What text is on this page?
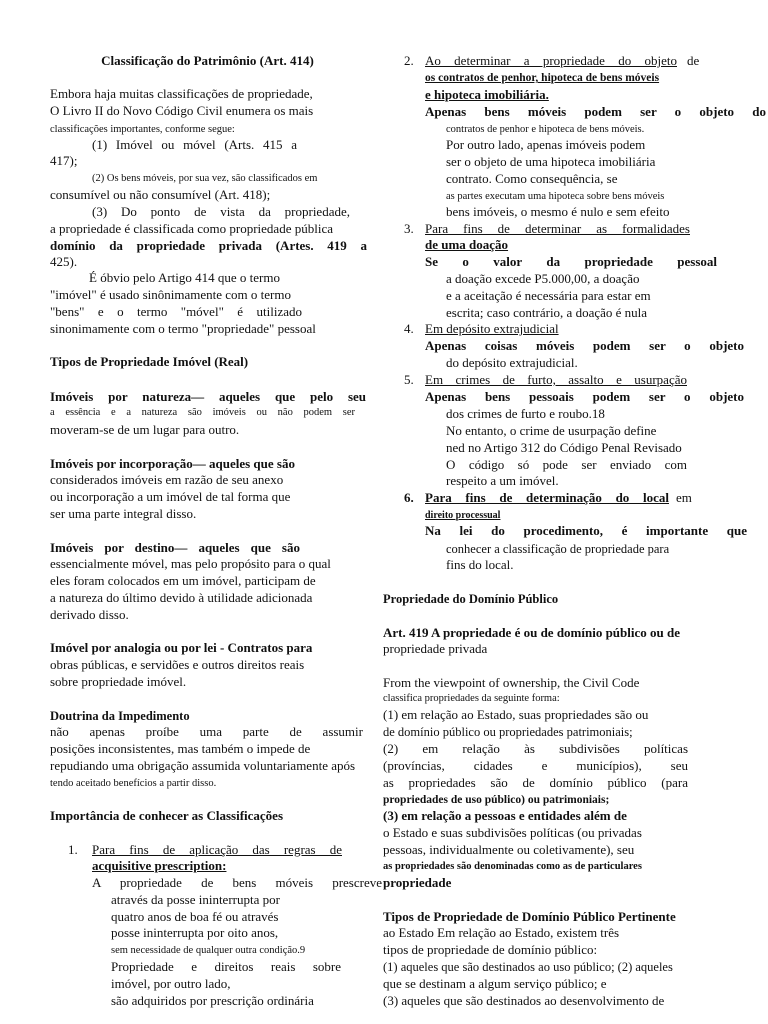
Classificação do Patrimônio (Art. 414)
Embora haja muitas classificações de propriedade,
O Livro II do Novo Código Civil enumera os mais
classificações importantes, conforme segue:
(1) Imóvel ou móvel (Arts. 415 a
417);
(2) Os bens móveis, por sua vez, são classificados em
consumível ou não consumível (Art. 418);
(3) Do ponto de vista da propriedade,
a propriedade é classificada como propriedade pública
domínio da propriedade privada (Artes. 419 a
425).
É óbvio pelo Artigo 414 que o termo
"imóvel" é usado sinônimamente com o termo
"bens" e o termo "móvel" é utilizado
sinonimamente com o termo "propriedade" pessoal
Tipos de Propriedade Imóvel (Real)
Imóveis por natureza— aqueles que pelo seu
a essência e a natureza são imóveis ou não podem ser
moveram-se de um lugar para outro.
Imóveis por incorporação— aqueles que são
considerados imóveis em razão de seu anexo
ou incorporação a um imóvel de tal forma que
ser uma parte integral disso.
Imóveis por destino— aqueles que são
essencialmente móvel, mas pelo propósito para o qual
eles foram colocados em um imóvel, participam de
a natureza do último devido à utilidade adicionada
derivado disso.
Imóvel por analogia ou por lei - Contratos para
obras públicas, e servidões e outros direitos reais
sobre propriedade imóvel.
Doutrina da Impedimento
não apenas proíbe uma parte de assumir
posições inconsistentes, mas também o impede de
repudiando uma obrigação assumida voluntariamente após
tendo aceitado benefícios a partir disso.
Importância de conhecer as Classificações
1. Para fins de aplicação das regras de
acquisitive prescription:
A propriedade de bens móveis prescreve
através da posse ininterrupta por
quatro anos de boa fé ou através
posse ininterrupta por oito anos,
sem necessidade de qualquer outra condição.9
Propriedade e direitos reais sobre
imóvel, por outro lado,
são adquiridos por prescrição ordinária
2. Ao determinar a propriedade do objeto de
os contratos de penhor, hipoteca de bens móveis
e hipoteca imobiliária.
Apenas bens móveis podem ser o objeto do
contratos de penhor e hipoteca de bens móveis.
Por outro lado, apenas imóveis podem
ser o objeto de uma hipoteca imobiliária
contrato. Como consequência, se
as partes executam uma hipoteca sobre bens móveis
bens imóveis, o mesmo é nulo e sem efeito
3. Para fins de determinar as formalidades
de uma doação
Se o valor da propriedade pessoal
a doação excede P5.000,00, a doação
e a aceitação é necessária para estar em
escrita; caso contrário, a doação é nula
4. Em depósito extrajudicial
Apenas coisas móveis podem ser o objeto
do depósito extrajudicial.
5. Em crimes de furto, assalto e usurpação
Apenas bens pessoais podem ser o objeto
dos crimes de furto e roubo.18
No entanto, o crime de usurpação define
ned no Artigo 312 do Código Penal Revisado
O código só pode ser enviado com
respeito a um imóvel.
6. Para fins de determinação do local em
direito processual
Na lei do procedimento, é importante que
conhecer a classificação de propriedade para
fins do local.
Propriedade do Domínio Público
Art. 419 A propriedade é ou de domínio público ou de
propriedade privada
From the viewpoint of ownership, the Civil Code
classifica propriedades da seguinte forma:
(1) em relação ao Estado, suas propriedades são ou
de domínio público ou propriedades patrimoniais;
(2) em relação às subdivisões políticas
(províncias, cidades e municípios), seu
as propriedades são de domínio público (para
propriedades de uso público) ou patrimoniais;
(3) em relação a pessoas e entidades além de
o Estado e suas subdivisões políticas (ou privadas
pessoas, individualmente ou coletivamente), seu
as propriedades são denominadas como as de particulares
propriedade
Tipos de Propriedade de Domínio Público Pertinente
ao Estado Em relação ao Estado, existem três
tipos de propriedade de domínio público:
(1) aqueles que são destinados ao uso público; (2) aqueles
que se destinam a algum serviço público; e
(3) aqueles que são destinados ao desenvolvimento de
